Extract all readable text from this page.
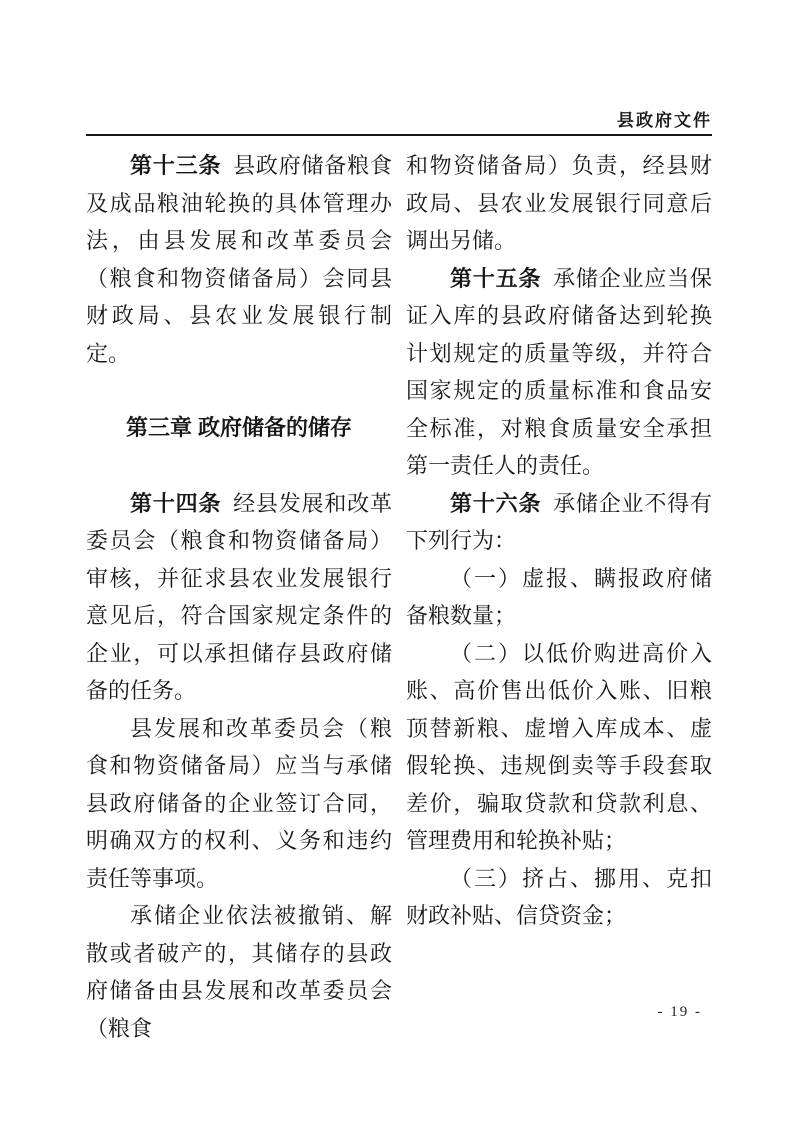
县政府文件

第十三条 县政府储备粮食及成品粮油轮换的具体管理办法，由县发展和改革委员会（粮食和物资储备局）会同县财政局、县农业发展银行制定。

第三章 政府储备的储存

第十四条 经县发展和改革委员会（粮食和物资储备局）审核，并征求县农业发展银行意见后，符合国家规定条件的企业，可以承担储存县政府储备的任务。

县发展和改革委员会（粮食和物资储备局）应当与承储县政府储备的企业签订合同，明确双方的权利、义务和违约责任等事项。

承储企业依法被撤销、解散或者破产的，其储存的县政府储备由县发展和改革委员会（粮食

和物资储备局）负责，经县财政局、县农业发展银行同意后调出另储。

第十五条 承储企业应当保证入库的县政府储备达到轮换计划规定的质量等级，并符合国家规定的质量标准和食品安全标准，对粮食质量安全承担第一责任人的责任。

第十六条 承储企业不得有下列行为：

（一）虚报、瞒报政府储备粮数量；

（二）以低价购进高价入账、高价售出低价入账、旧粮顶替新粮、虚增入库成本、虚假轮换、违规倒卖等手段套取差价，骗取贷款和贷款利息、管理费用和轮换补贴；

（三）挤占、挪用、克扣财政补贴、信贷资金；

- 19 -
